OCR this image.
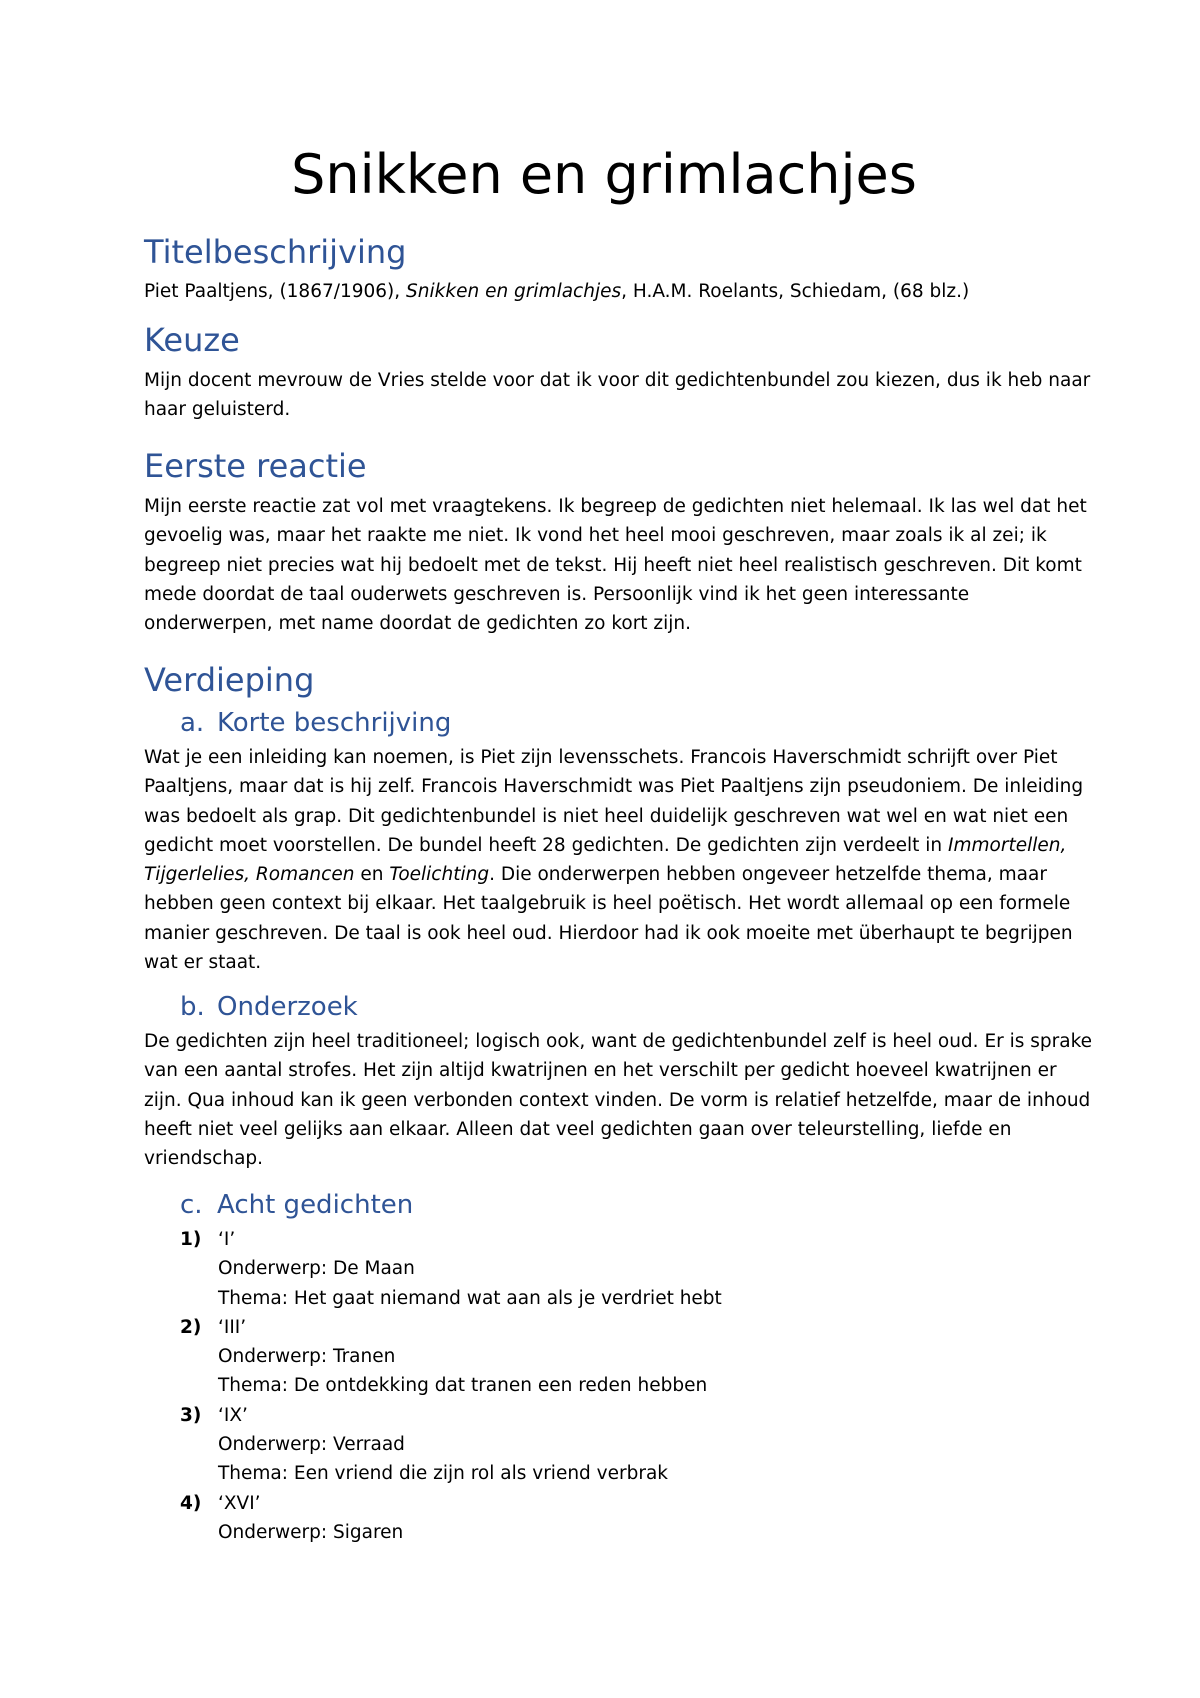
Snikken en grimlachjes
Titelbeschrijving

Piet Paaltjens, (1867/1906), Snikken en grimlachjes, H.A.M. Roelants, Schiedam, (68 blz.)

Keuze

Mijn docent mevrouw de Vries stelde voor dat ik voor dit gedichtenbundel zou kiezen, dus ik heb naar
haar geluisterd.

Eerste reactie

Mijn eerste reactie zat vol met vraagtekens. Ik begreep de gedichten niet helemaal. Ik las wel dat het
gevoelig was, maar het raakte me niet. Ik vond het heel mooi geschreven, maar zoals ik al zei; ik
begreep niet precies wat hij bedoelt met de tekst. Hij heeft niet heel realistisch geschreven. Dit komt
mede doordat de taal ouderwets geschreven is. Persoonlijk vind ik het geen interessante
onderwerpen, met name doordat de gedichten zo kort zijn.

Verdieping
a. Korte beschrijving

Wat je een inleiding kan noemen, is Piet zijn levensschets. Francois Haverschmidt schrijft over Piet
Paaltjens, maar dat is hij zelf. Francois Haverschmidt was Piet Paaltjens zijn pseudoniem. De inleiding
was bedoelt als grap. Dit gedichtenbundel is niet heel duidelijk geschreven wat wel en wat niet een
gedicht moet voorstellen. De bundel heeft 28 gedichten. De gedichten zijn verdeelt in Immortellen,
Tijgerlelies, Romancen en Toelichting. Die onderwerpen hebben ongeveer hetzelfde thema, maar
hebben geen context bij elkaar. Het taalgebruik is heel poëtisch. Het wordt allemaal op een formele
manier geschreven. De taal is ook heel oud. Hierdoor had ik ook moeite met überhaupt te begrijpen
wat er staat.

b. Onderzoek

De gedichten zijn heel traditioneel; logisch ook, want de gedichtenbundel zelf is heel oud. Er is sprake
van een aantal strofes. Het zijn altijd kwatrijnen en het verschilt per gedicht hoeveel kwatrijnen er
zijn. Qua inhoud kan ik geen verbonden context vinden. De vorm is relatief hetzelfde, maar de inhoud
heeft niet veel gelijks aan elkaar. Alleen dat veel gedichten gaan over teleurstelling, liefde en
vriendschap.

c. Acht gedichten
1) ‘I’
Onderwerp: De Maan
Thema: Het gaat niemand wat aan als je verdriet hebt
2) ‘III’
Onderwerp: Tranen
Thema: De ontdekking dat tranen een reden hebben
3) ‘IX’
Onderwerp: Verraad
Thema: Een vriend die zijn rol als vriend verbrak
4) ‘XVI’
Onderwerp: Sigaren
